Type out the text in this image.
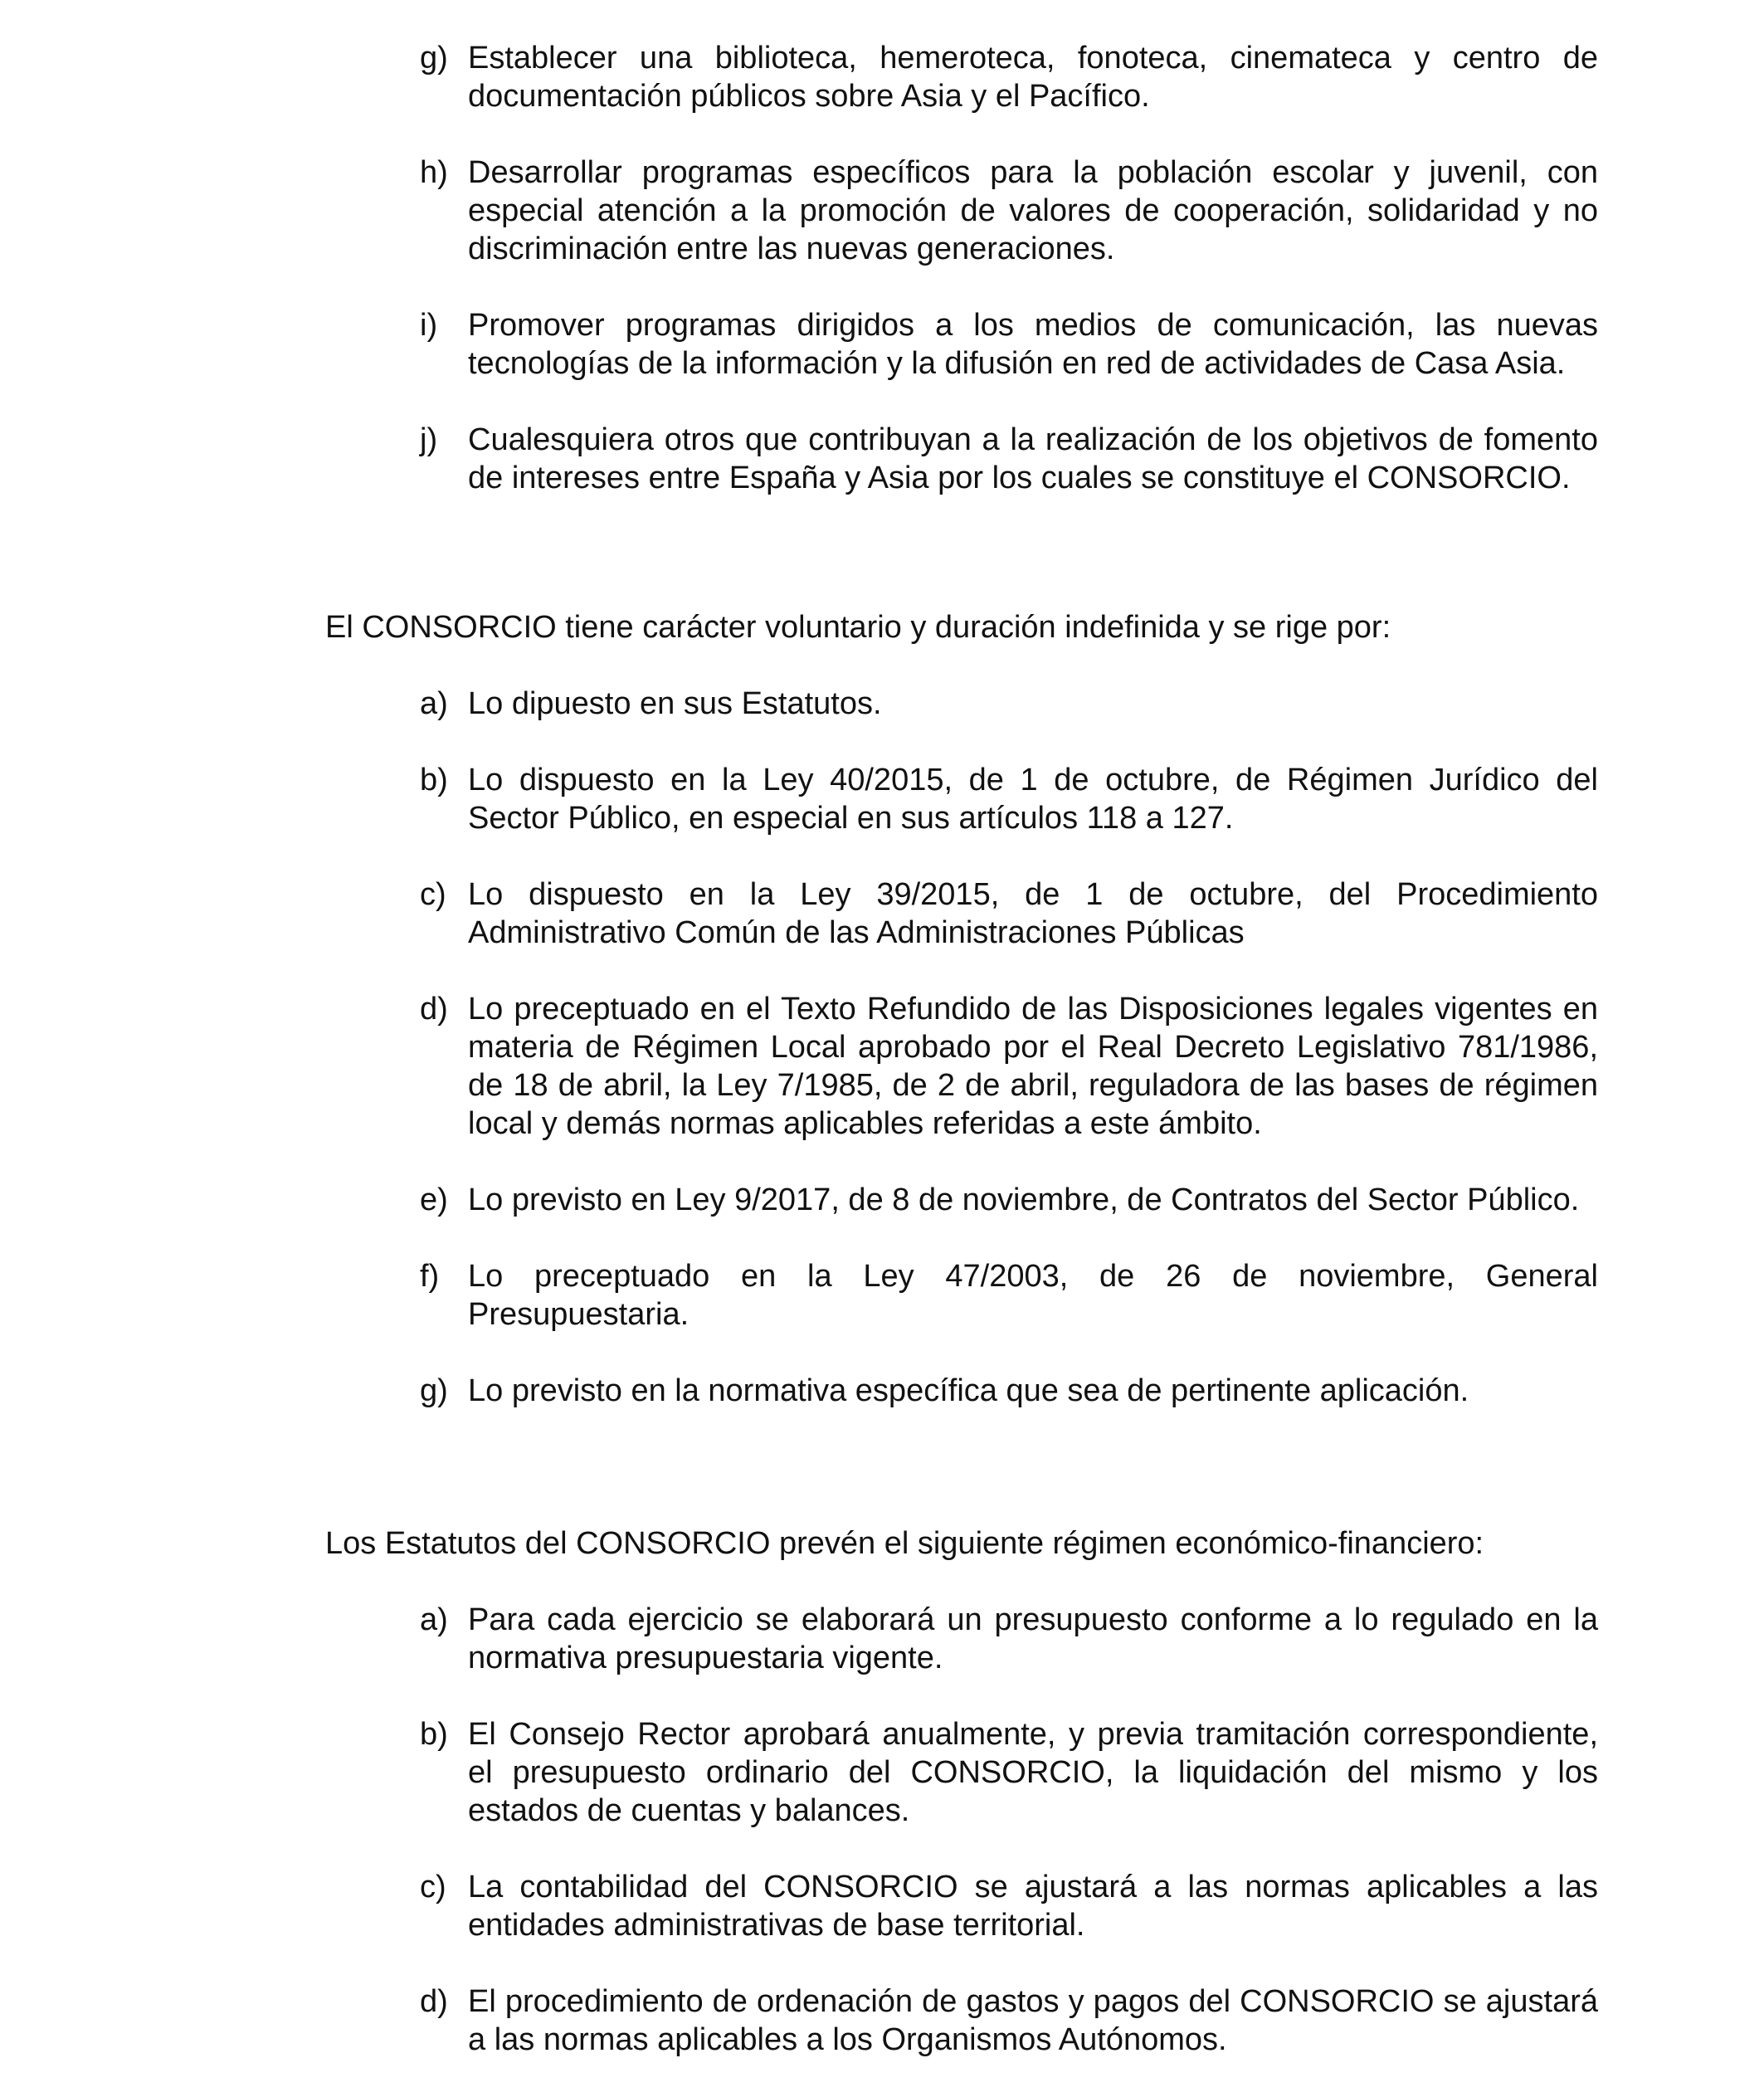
g) Establecer una biblioteca, hemeroteca, fonoteca, cinemateca y centro de documentación públicos sobre Asia y el Pacífico.
h) Desarrollar programas específicos para la población escolar y juvenil, con especial atención a la promoción de valores de cooperación, solidaridad y no discriminación entre las nuevas generaciones.
i) Promover programas dirigidos a los medios de comunicación, las nuevas tecnologías de la información y la difusión en red de actividades de Casa Asia.
j) Cualesquiera otros que contribuyan a la realización de los objetivos de fomento de intereses entre España y Asia por los cuales se constituye el CONSORCIO.

El CONSORCIO tiene carácter voluntario y duración indefinida y se rige por:

a) Lo dipuesto en sus Estatutos.
b) Lo dispuesto en la Ley 40/2015, de 1 de octubre, de Régimen Jurídico del Sector Público, en especial en sus artículos 118 a 127.
c) Lo dispuesto en la Ley 39/2015, de 1 de octubre, del Procedimiento Administrativo Común de las Administraciones Públicas
d) Lo preceptuado en el Texto Refundido de las Disposiciones legales vigentes en materia de Régimen Local aprobado por el Real Decreto Legislativo 781/1986, de 18 de abril, la Ley 7/1985, de 2 de abril, reguladora de las bases de régimen local y demás normas aplicables referidas a este ámbito.
e) Lo previsto en Ley 9/2017, de 8 de noviembre, de Contratos del Sector Público.
f) Lo preceptuado en la Ley 47/2003, de 26 de noviembre, General Presupuestaria.
g) Lo previsto en la normativa específica que sea de pertinente aplicación.

Los Estatutos del CONSORCIO prevén el siguiente régimen económico-financiero:

a) Para cada ejercicio se elaborará un presupuesto conforme a lo regulado en la normativa presupuestaria vigente.
b) El Consejo Rector aprobará anualmente, y previa tramitación correspondiente, el presupuesto ordinario del CONSORCIO, la liquidación del mismo y los estados de cuentas y balances.
c) La contabilidad del CONSORCIO se ajustará a las normas aplicables a las entidades administrativas de base territorial.
d) El procedimiento de ordenación de gastos y pagos del CONSORCIO se ajustará a las normas aplicables a los Organismos Autónomos.
